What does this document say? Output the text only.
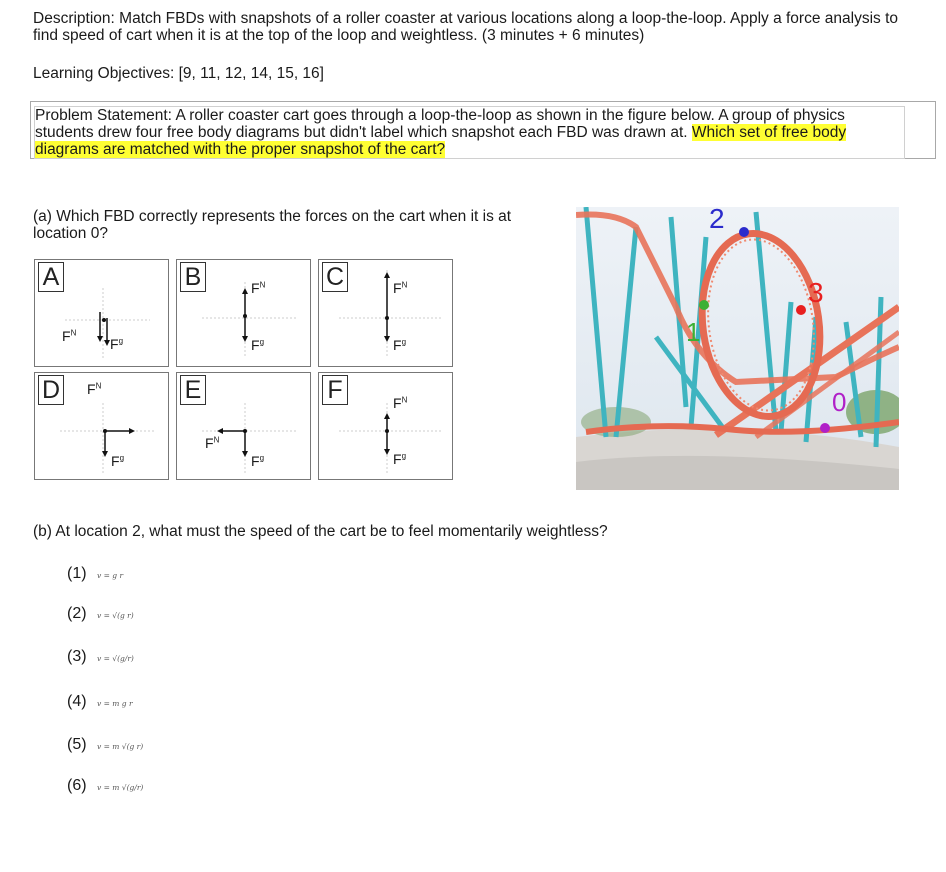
Description: Match FBDs with snapshots of a roller coaster at various locations along a loop-the-loop. Apply a force analysis to find speed of cart when it is at the top of the loop and weightless. (3 minutes + 6 minutes)
Learning Objectives: [9, 11, 12, 14, 15, 16]
Problem Statement: A roller coaster cart goes through a loop-the-loop as shown in the figure below. A group of physics students drew four free body diagrams but didn't label which snapshot each FBD was drawn at. Which set of free body diagrams are matched with the proper snapshot of the cart?
(a) Which FBD correctly represents the forces on the cart when it is at location 0?
A
$F^N$
$F^g$
B	$F^N$
$F^g$
C	$F^N$
$F^g$
D $F^N$
$F^g$
E
$F^N$
$F^g$
F	$F^N$
$F^g$
2
3
1
0
(b) At location 2, what must the speed of the cart be to feel momentarily weightless?
(1) v = g r
(2) v = √(g r)
(3) v = √(g/r)
(4) v = m g r
(5) v = m √(g r)
(6) v = m √(g/r)
